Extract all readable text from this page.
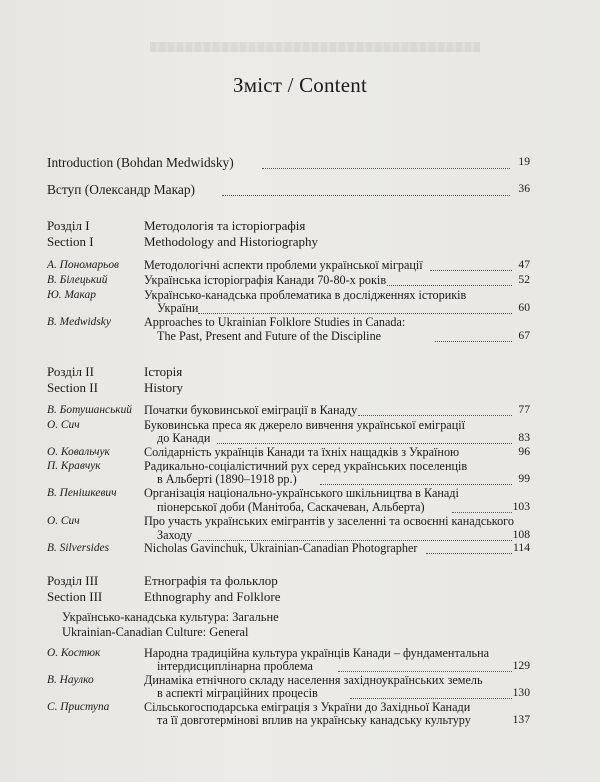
Зміст / Content
Introduction (Bohdan Medwidsky)	19
Вступ (Олександр Макар)	36
Розділ I
Section I
Методологія та історіографія
Methodology and Historiography
А. Пономарьов Методологічні аспекти проблеми української міграції	47
В. Білецький	Українська історіографія Канади 70-80-х років	52
Ю. Макар	Українсько-канадська проблематика в дослідженнях істориків
України	60
B. Medwidsky	Approaches to Ukrainian Folklore Studies in Canada:
The Past, Present and Future of the Discipline	67
Розділ II
Section II
Історія
History
В. Ботушанський Початки буковинської еміграції в Канаду	77
О. Сич	Буковинська преса як джерело вивчення української еміграції
до Канади	83
О. Ковальчук	Солідарність українців Канади та їхніх нащадків з Україною	96
П. Кравчук	Радикально-соціалістичний рух серед українських поселенців
в Альберті (1890–1918 рр.)	99
В. Пенішкевич Організація національно-українського шкільництва в Канаді
піонерської доби (Манітоба, Саскачеван, Альберта)	103
О. Сич	Про участь українських емігрантів у заселенні та освоєнні канадського
Заходу	108
B. Silversides	Nicholas Gavinchuk, Ukrainian-Canadian Photographer	114
Розділ III
Section III
Етнографія та фольклор
Ethnography and Folklore
Українсько-канадська культура: Загальне
Ukrainian-Canadian Culture: General
О. Костюк	Народна традиційна культура українців Канади – фундаментальна
інтердисциплінарна проблема	129
В. Наулко	Динаміка етнічного складу населення західноукраїнських земель
в аспекті міграційних процесів	130
С. Приступа	Сільськогосподарська еміграція з України до Західньої Канади
та її довготермінові вплив на українську канадську культуру	137
